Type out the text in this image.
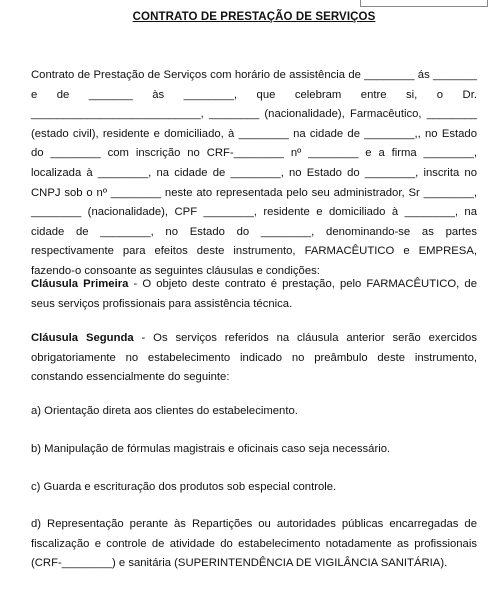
CONTRATO DE PRESTAÇÃO DE SERVIÇOS

Contrato de Prestação de Serviços com horário de assistência de ________ ás _______ e de _______ às ________, que celebram entre si, o Dr. ___________________________, ________ (nacionalidade), Farmacêutico, ________ (estado civil), residente e domiciliado, à ________ na cidade de ________,, no Estado do ________ com inscrição no CRF-________ nº ________ e a firma ________, localizada à ________, na cidade de ________, no Estado do ________, inscrita no CNPJ sob o nº ________ neste ato representada pelo seu administrador, Sr ________, ________ (nacionalidade), CPF ________, residente e domiciliado à ________, na cidade de ________, no Estado do ________, denominando-se as partes respectivamente para efeitos deste instrumento, FARMACÊUTICO e EMPRESA, fazendo-o consoante as seguintes cláusulas e condições:

Cláusula Primeira - O objeto deste contrato é prestação, pelo FARMACÊUTICO, de seus serviços profissionais para assistência técnica.

Cláusula Segunda - Os serviços referidos na cláusula anterior serão exercidos obrigatoriamente no estabelecimento indicado no preâmbulo deste instrumento, constando essencialmente do seguinte:

a) Orientação direta aos clientes do estabelecimento.

b) Manipulação de fórmulas magistrais e oficinais caso seja necessário.

c) Guarda e escrituração dos produtos sob especial controle.

d) Representação perante às Repartições ou autoridades públicas encarregadas de fiscalização e controle de atividade do estabelecimento notadamente as profissionais (CRF-________) e sanitária (SUPERINTENDÊNCIA DE VIGILÂNCIA SANITÁRIA).
